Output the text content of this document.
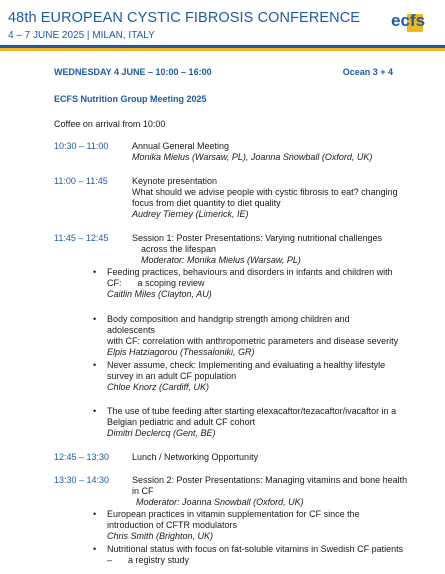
48th EUROPEAN CYSTIC FIBROSIS CONFERENCE
4 – 7 JUNE 2025 | MILAN, ITALY
ecfs
WEDNESDAY 4 JUNE – 10:00 – 16:00	Ocean 3 + 4
ECFS Nutrition Group Meeting 2025
Coffee on arrival from 10:00
10:30 – 11:00	Annual General Meeting
Monika Mielus (Warsaw, PL), Joanna Snowball (Oxford, UK)
11:00 – 11:45	Keynote presentation
What should we advise people with cystic fibrosis to eat? changing
focus from diet quantity to diet quality
Audrey Tierney (Limerick, IE)
11:45 – 12:45	Session 1: Poster Presentations: Varying nutritional challenges
across the lifespan
Moderator: Monika Mielus (Warsaw, PL)
• Feeding practices, behaviours and disorders in infants and children with
CF: a scoping review
Caitlin Miles (Clayton, AU)
• Body composition and handgrip strength among children and adolescents
with CF: correlation with anthropometric parameters and disease severity
Elpis Hatziagorou (Thessaloniki, GR)
• Never assume, check: Implementing and evaluating a healthy lifestyle
survey in an adult CF population
Chloe Knorz (Cardiff, UK)
• The use of tube feeding after starting elexacaftor/tezacaftor/ivacaftor in a
Belgian pediatric and adult CF cohort
Dimitri Declercq (Gent, BE)
12:45 – 13:30	Lunch / Networking Opportunity
13:30 – 14:30	Session 2: Poster Presentations: Managing vitamins and bone health
in CF
Moderator: Joanna Snowball (Oxford, UK)
• European practices in vitamin supplementation for CF since the
introduction of CFTR modulators
Chris Smith (Brighton, UK)
• Nutritional status with focus on fat-soluble vitamins in Swedish CF patients
– a registry study
